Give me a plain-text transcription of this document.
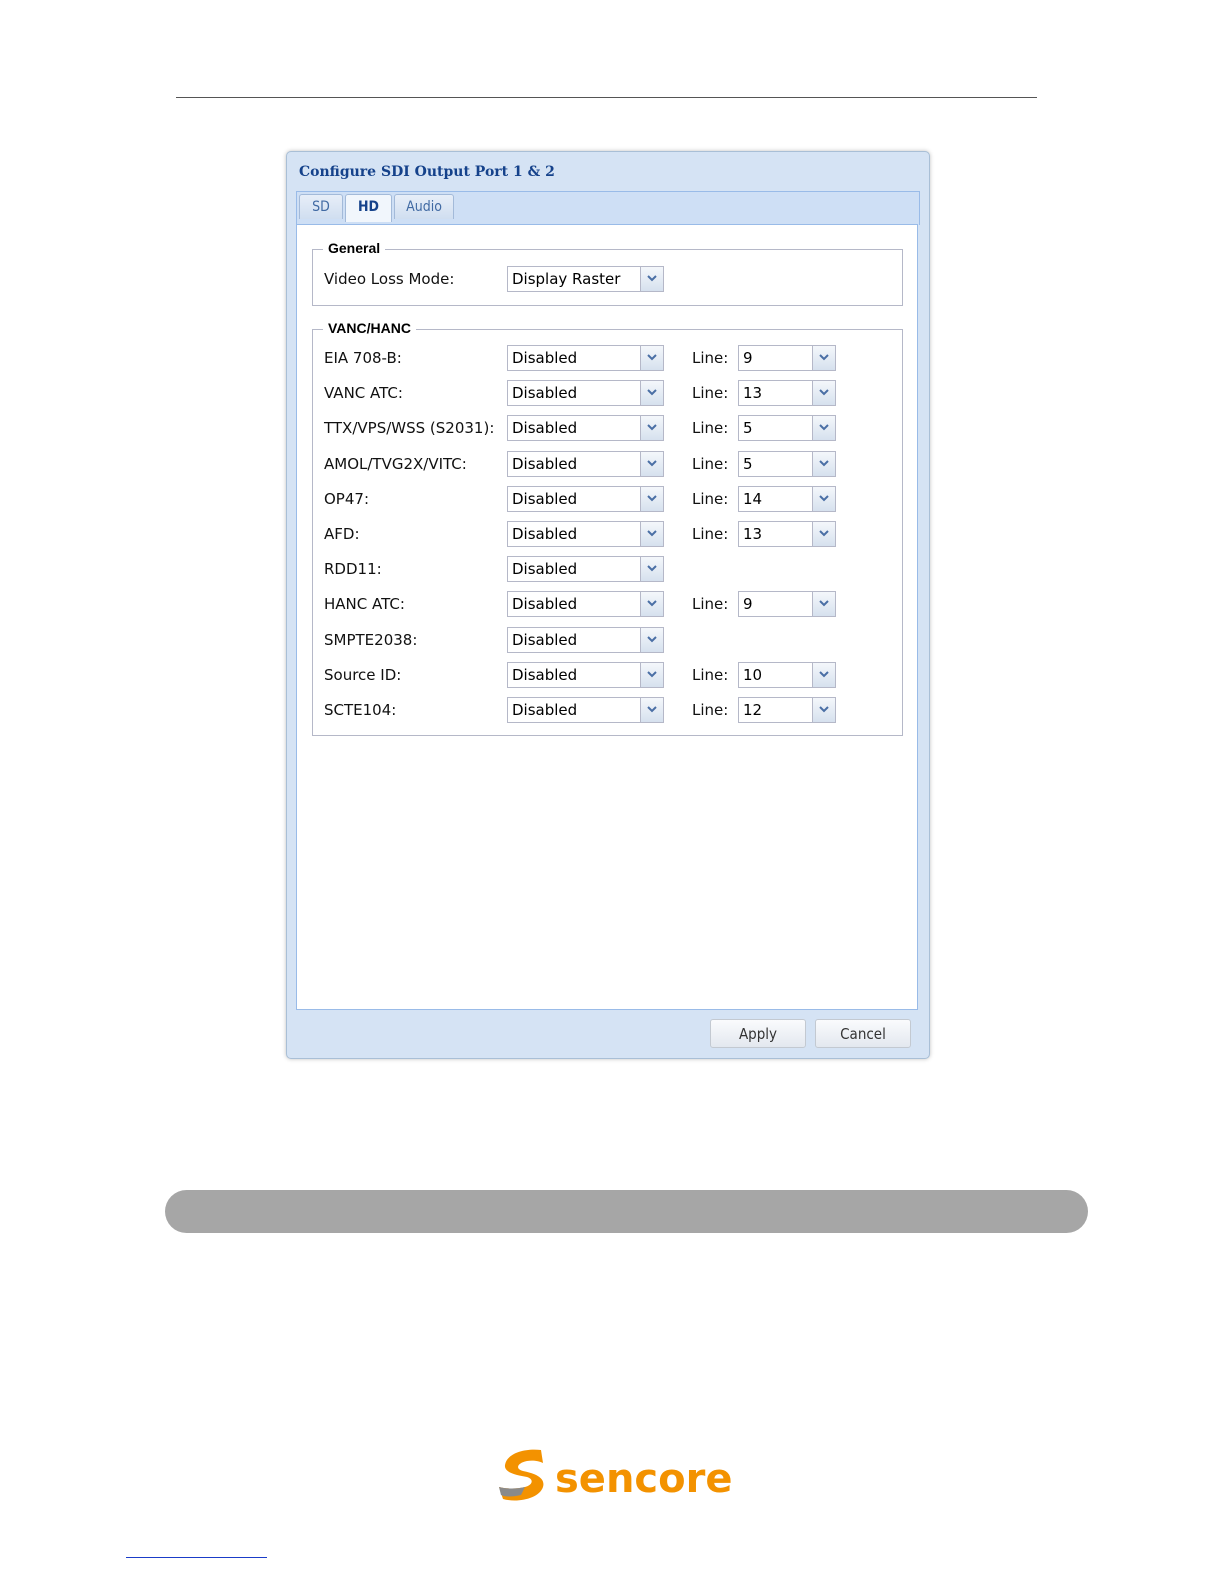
Configure SDI Output Port 1 & 2
SD	HD	Audio
General
Video Loss Mode:	Display Raster
VANC/HANC
EIA 708-B:	Disabled	Line: 9
VANC ATC:	Disabled	Line: 13
TTX/VPS/WSS (S2031): Disabled	Line: 5
AMOL/TVG2X/VITC:	Disabled	Line: 5
OP47:	Disabled	Line: 14
AFD:	Disabled	Line: 13
RDD11:	Disabled
HANC ATC:	Disabled	Line: 9
SMPTE2038:	Disabled
Source ID:	Disabled	Line: 10
SCTE104:	Disabled	Line: 12
Apply	Cancel
sencore
